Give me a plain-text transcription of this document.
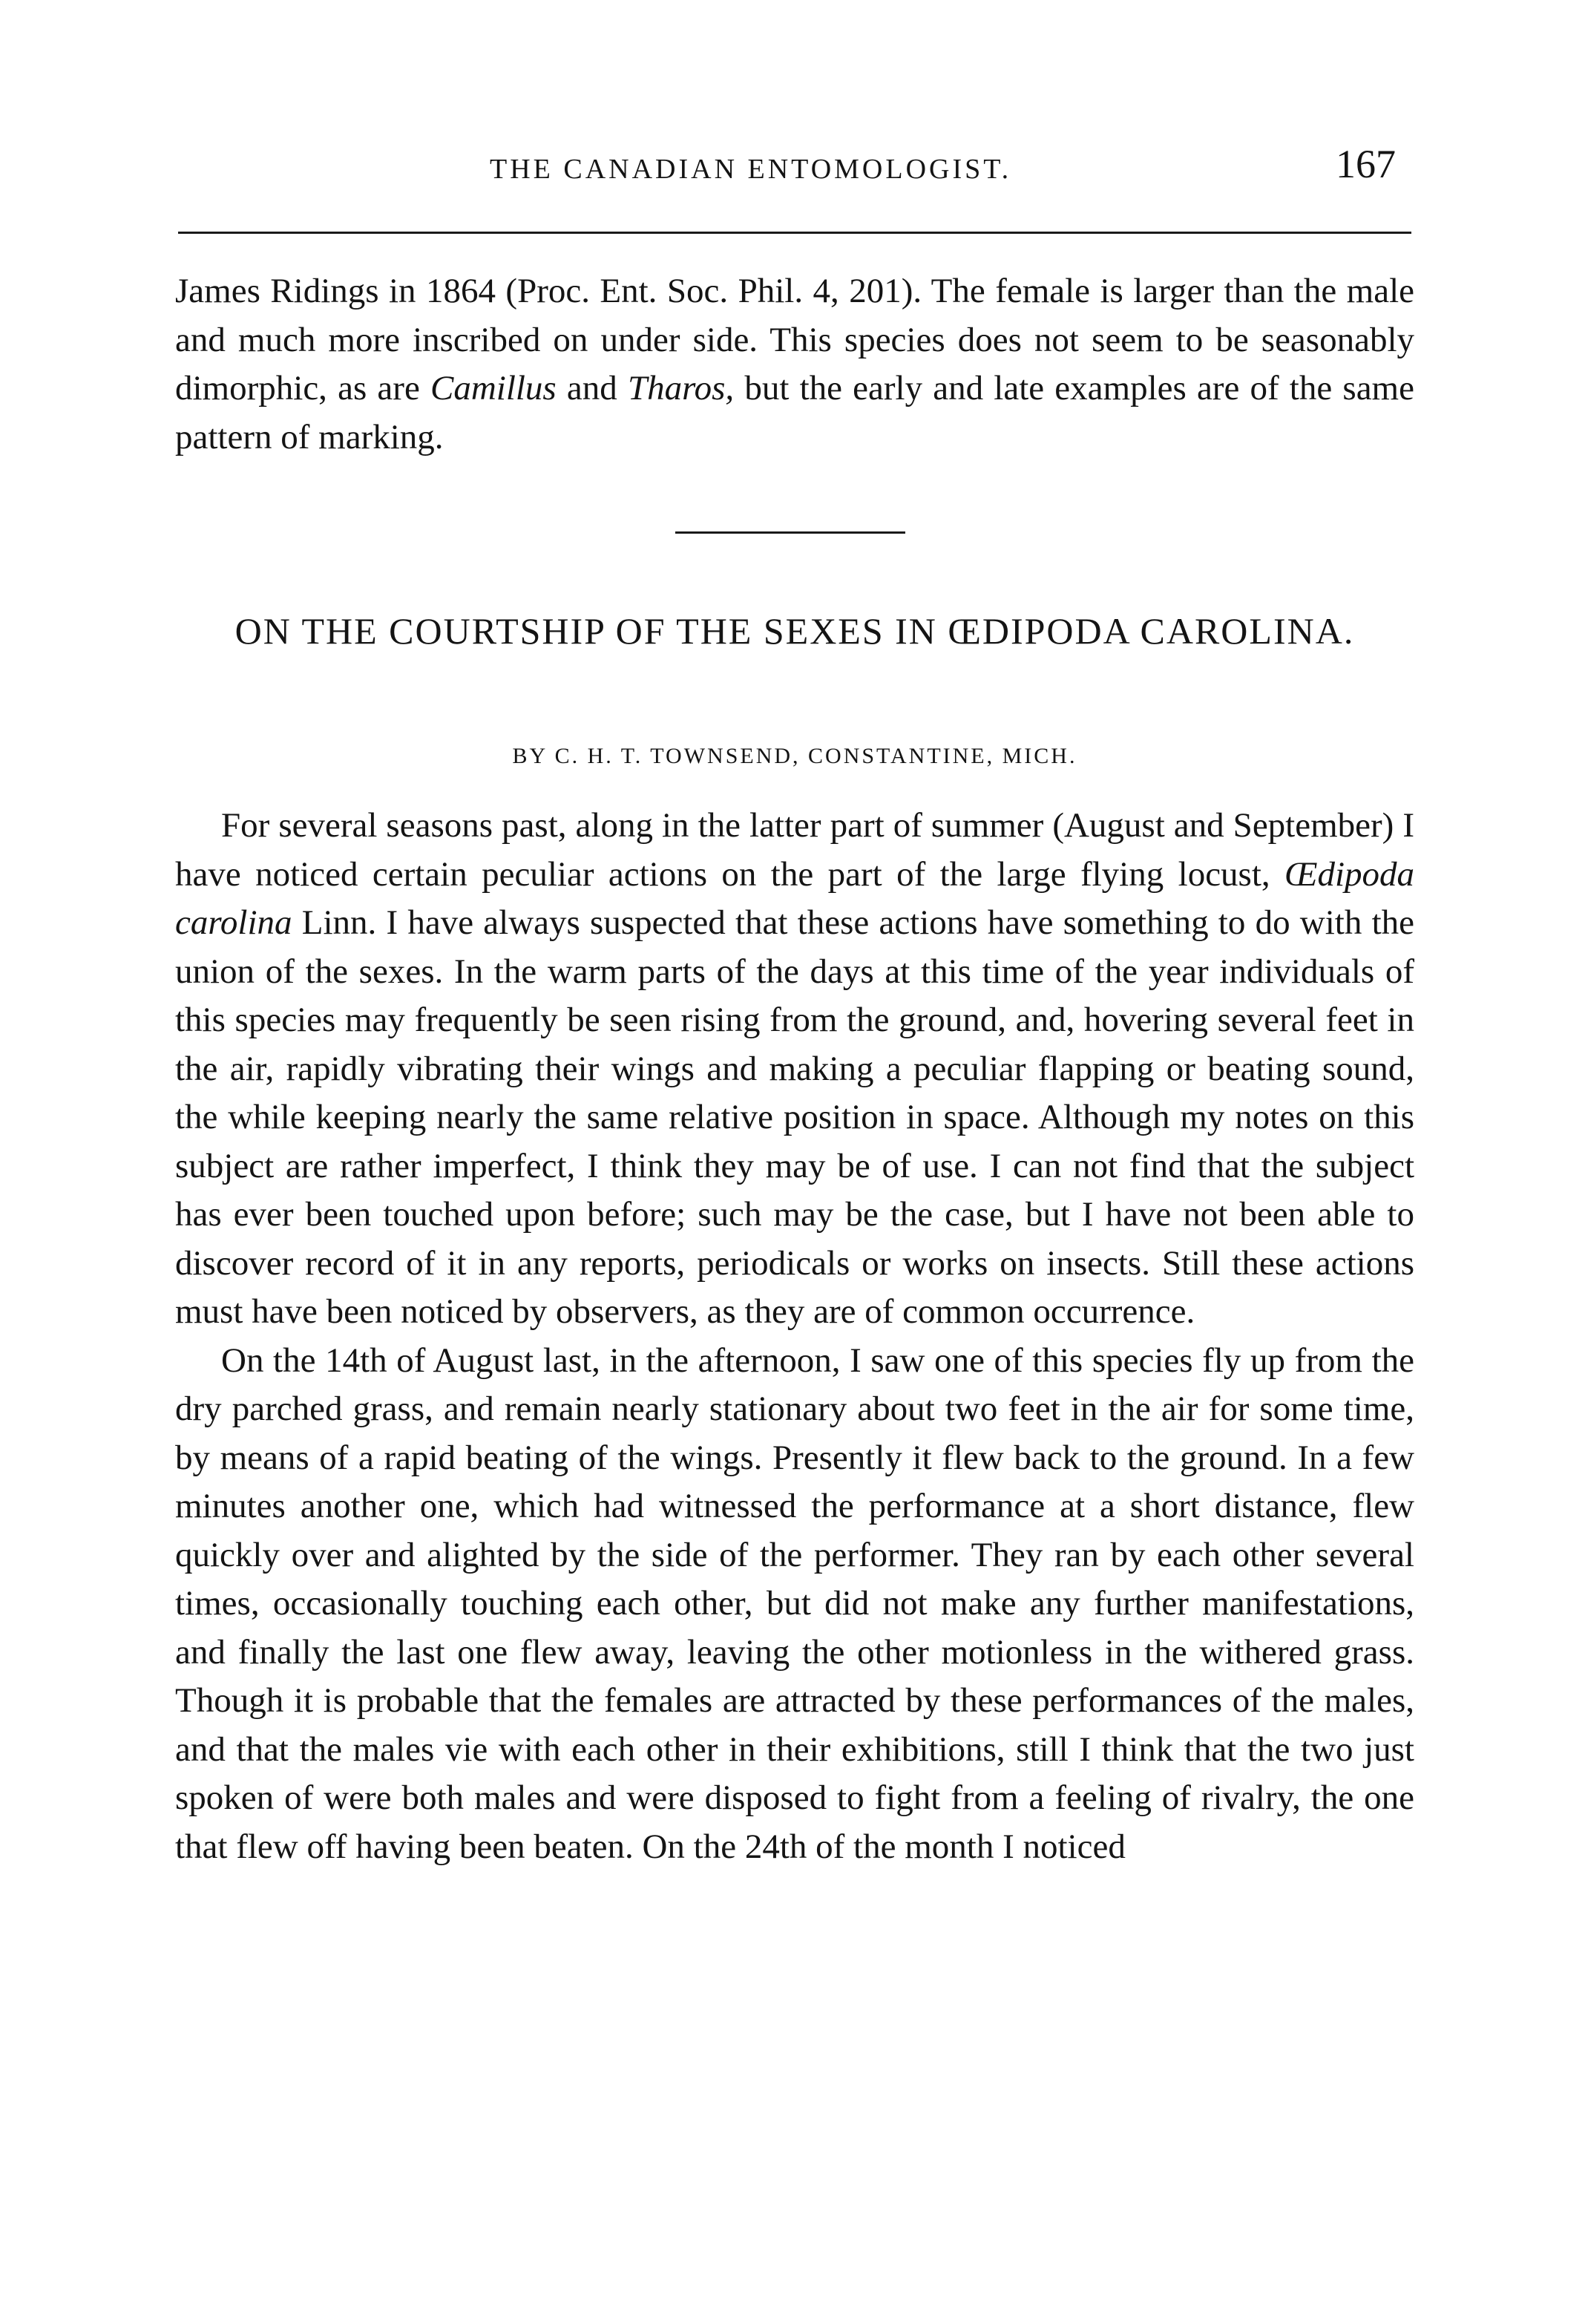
THE CANADIAN ENTOMOLOGIST.	167

James Ridings in 1864 (Proc. Ent. Soc. Phil. 4, 201). The female is larger than the male and much more inscribed on under side. This species does not seem to be seasonably dimorphic, as are Camillus and Tharos, but the early and late examples are of the same pattern of marking.

ON THE COURTSHIP OF THE SEXES IN ŒDIPODA CAROLINA.
BY C. H. T. TOWNSEND, CONSTANTINE, MICH.

For several seasons past, along in the latter part of summer (August and September) I have noticed certain peculiar actions on the part of the large flying locust, Œdipoda carolina Linn. I have always suspected that these actions have something to do with the union of the sexes. In the warm parts of the days at this time of the year individuals of this species may frequently be seen rising from the ground, and, hovering several feet in the air, rapidly vibrating their wings and making a peculiar flapping or beating sound, the while keeping nearly the same relative position in space. Although my notes on this subject are rather imperfect, I think they may be of use. I can not find that the subject has ever been touched upon before; such may be the case, but I have not been able to discover record of it in any reports, periodicals or works on insects. Still these actions must have been noticed by observers, as they are of common occurrence.

On the 14th of August last, in the afternoon, I saw one of this species fly up from the dry parched grass, and remain nearly stationary about two feet in the air for some time, by means of a rapid beating of the wings. Presently it flew back to the ground. In a few minutes another one, which had witnessed the performance at a short distance, flew quickly over and alighted by the side of the performer. They ran by each other several times, occasionally touching each other, but did not make any further manifestations, and finally the last one flew away, leaving the other motionless in the withered grass. Though it is probable that the females are attracted by these performances of the males, and that the males vie with each other in their exhibitions, still I think that the two just spoken of were both males and were disposed to fight from a feeling of rivalry, the one that flew off having been beaten. On the 24th of the month I noticed
